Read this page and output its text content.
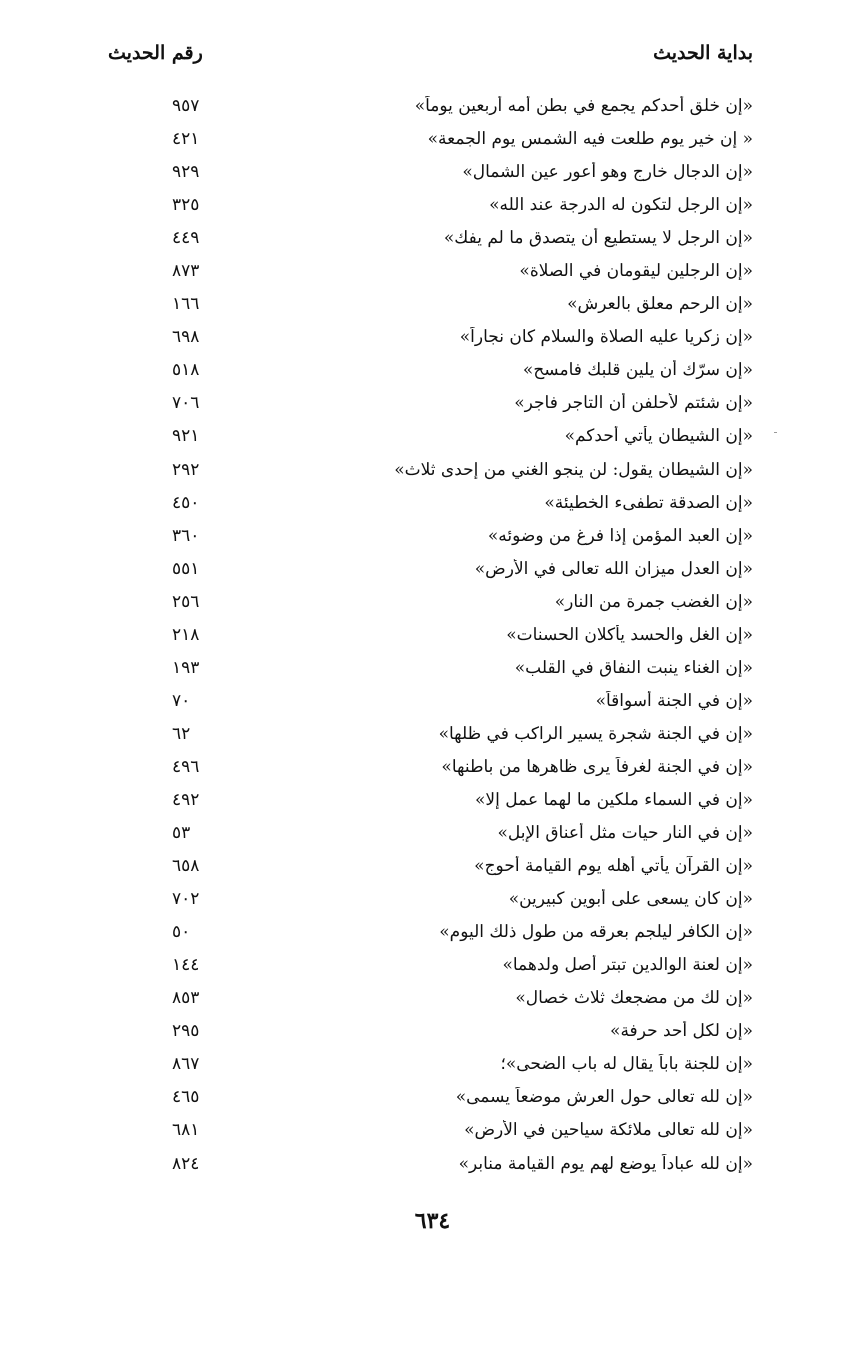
بداية الحديث
رقم الحديث
«إن خلق أحدكم يجمع في بطن أمه أربعين يوماً»
٩٥٧
« إن خير يوم طلعت فيه الشمس يوم الجمعة»
٤٢١
«إن الدجال خارج وهو أعور عين الشمال»
٩٢٩
«إن الرجل لتكون له الدرجة عند الله»
٣٢٥
«إن الرجل لا يستطيع أن يتصدق ما لم يفك»
٤٤٩
«إن الرجلين ليقومان في الصلاة»
٨٧٣
«إن الرحم معلق بالعرش»
١٦٦
«إن زكريا عليه الصلاة والسلام كان نجاراً»
٦٩٨
«إن سرّك أن يلين قلبك فامسح»
٥١٨
«إن شئتم لأحلفن أن التاجر فاجر»
٧٠٦
«إن الشيطان يأتي أحدكم»
٩٢١
«إن الشيطان يقول: لن ينجو الغني من إحدى ثلاث»
٢٩٢
«إن الصدقة تطفىء الخطيئة»
٤٥٠
«إن العبد المؤمن إذا فرغ من وضوئه»
٣٦٠
«إن العدل ميزان الله تعالى في الأرض»
٥٥١
«إن الغضب جمرة من النار»
٢٥٦
«إن الغل والحسد يأكلان الحسنات»
٢١٨
«إن الغناء ينبت النفاق في القلب»
١٩٣
«إن في الجنة أسواقاً»
٧٠
«إن في الجنة شجرة يسير الراكب في ظلها»
٦٢
«إن في الجنة لغرفاً يرى ظاهرها من باطنها»
٤٩٦
«إن في السماء ملكين ما لهما عمل إلا»
٤٩٢
«إن في النار حيات مثل أعناق الإبل»
٥٣
«إن القرآن يأتي أهله يوم القيامة أحوج»
٦٥٨
«إن كان يسعى على أبوين كبيرين»
٧٠٢
«إن الكافر ليلجم بعرقه من طول ذلك اليوم»
٥٠
«إن لعنة الوالدين تبتر أصل ولدهما»
١٤٤
«إن لك من مضجعك ثلاث خصال»
٨٥٣
«إن لكل أحد حرفة»
٢٩٥
«إن للجنة باباً يقال له باب الضحى»؛
٨٦٧
«إن لله تعالى حول العرش موضعاً يسمى»
٤٦٥
«إن لله تعالى ملائكة سياحين في الأرض»
٦٨١
«إن لله عباداً يوضع لهم يوم القيامة منابر»
٨٢٤
٦٣٤
